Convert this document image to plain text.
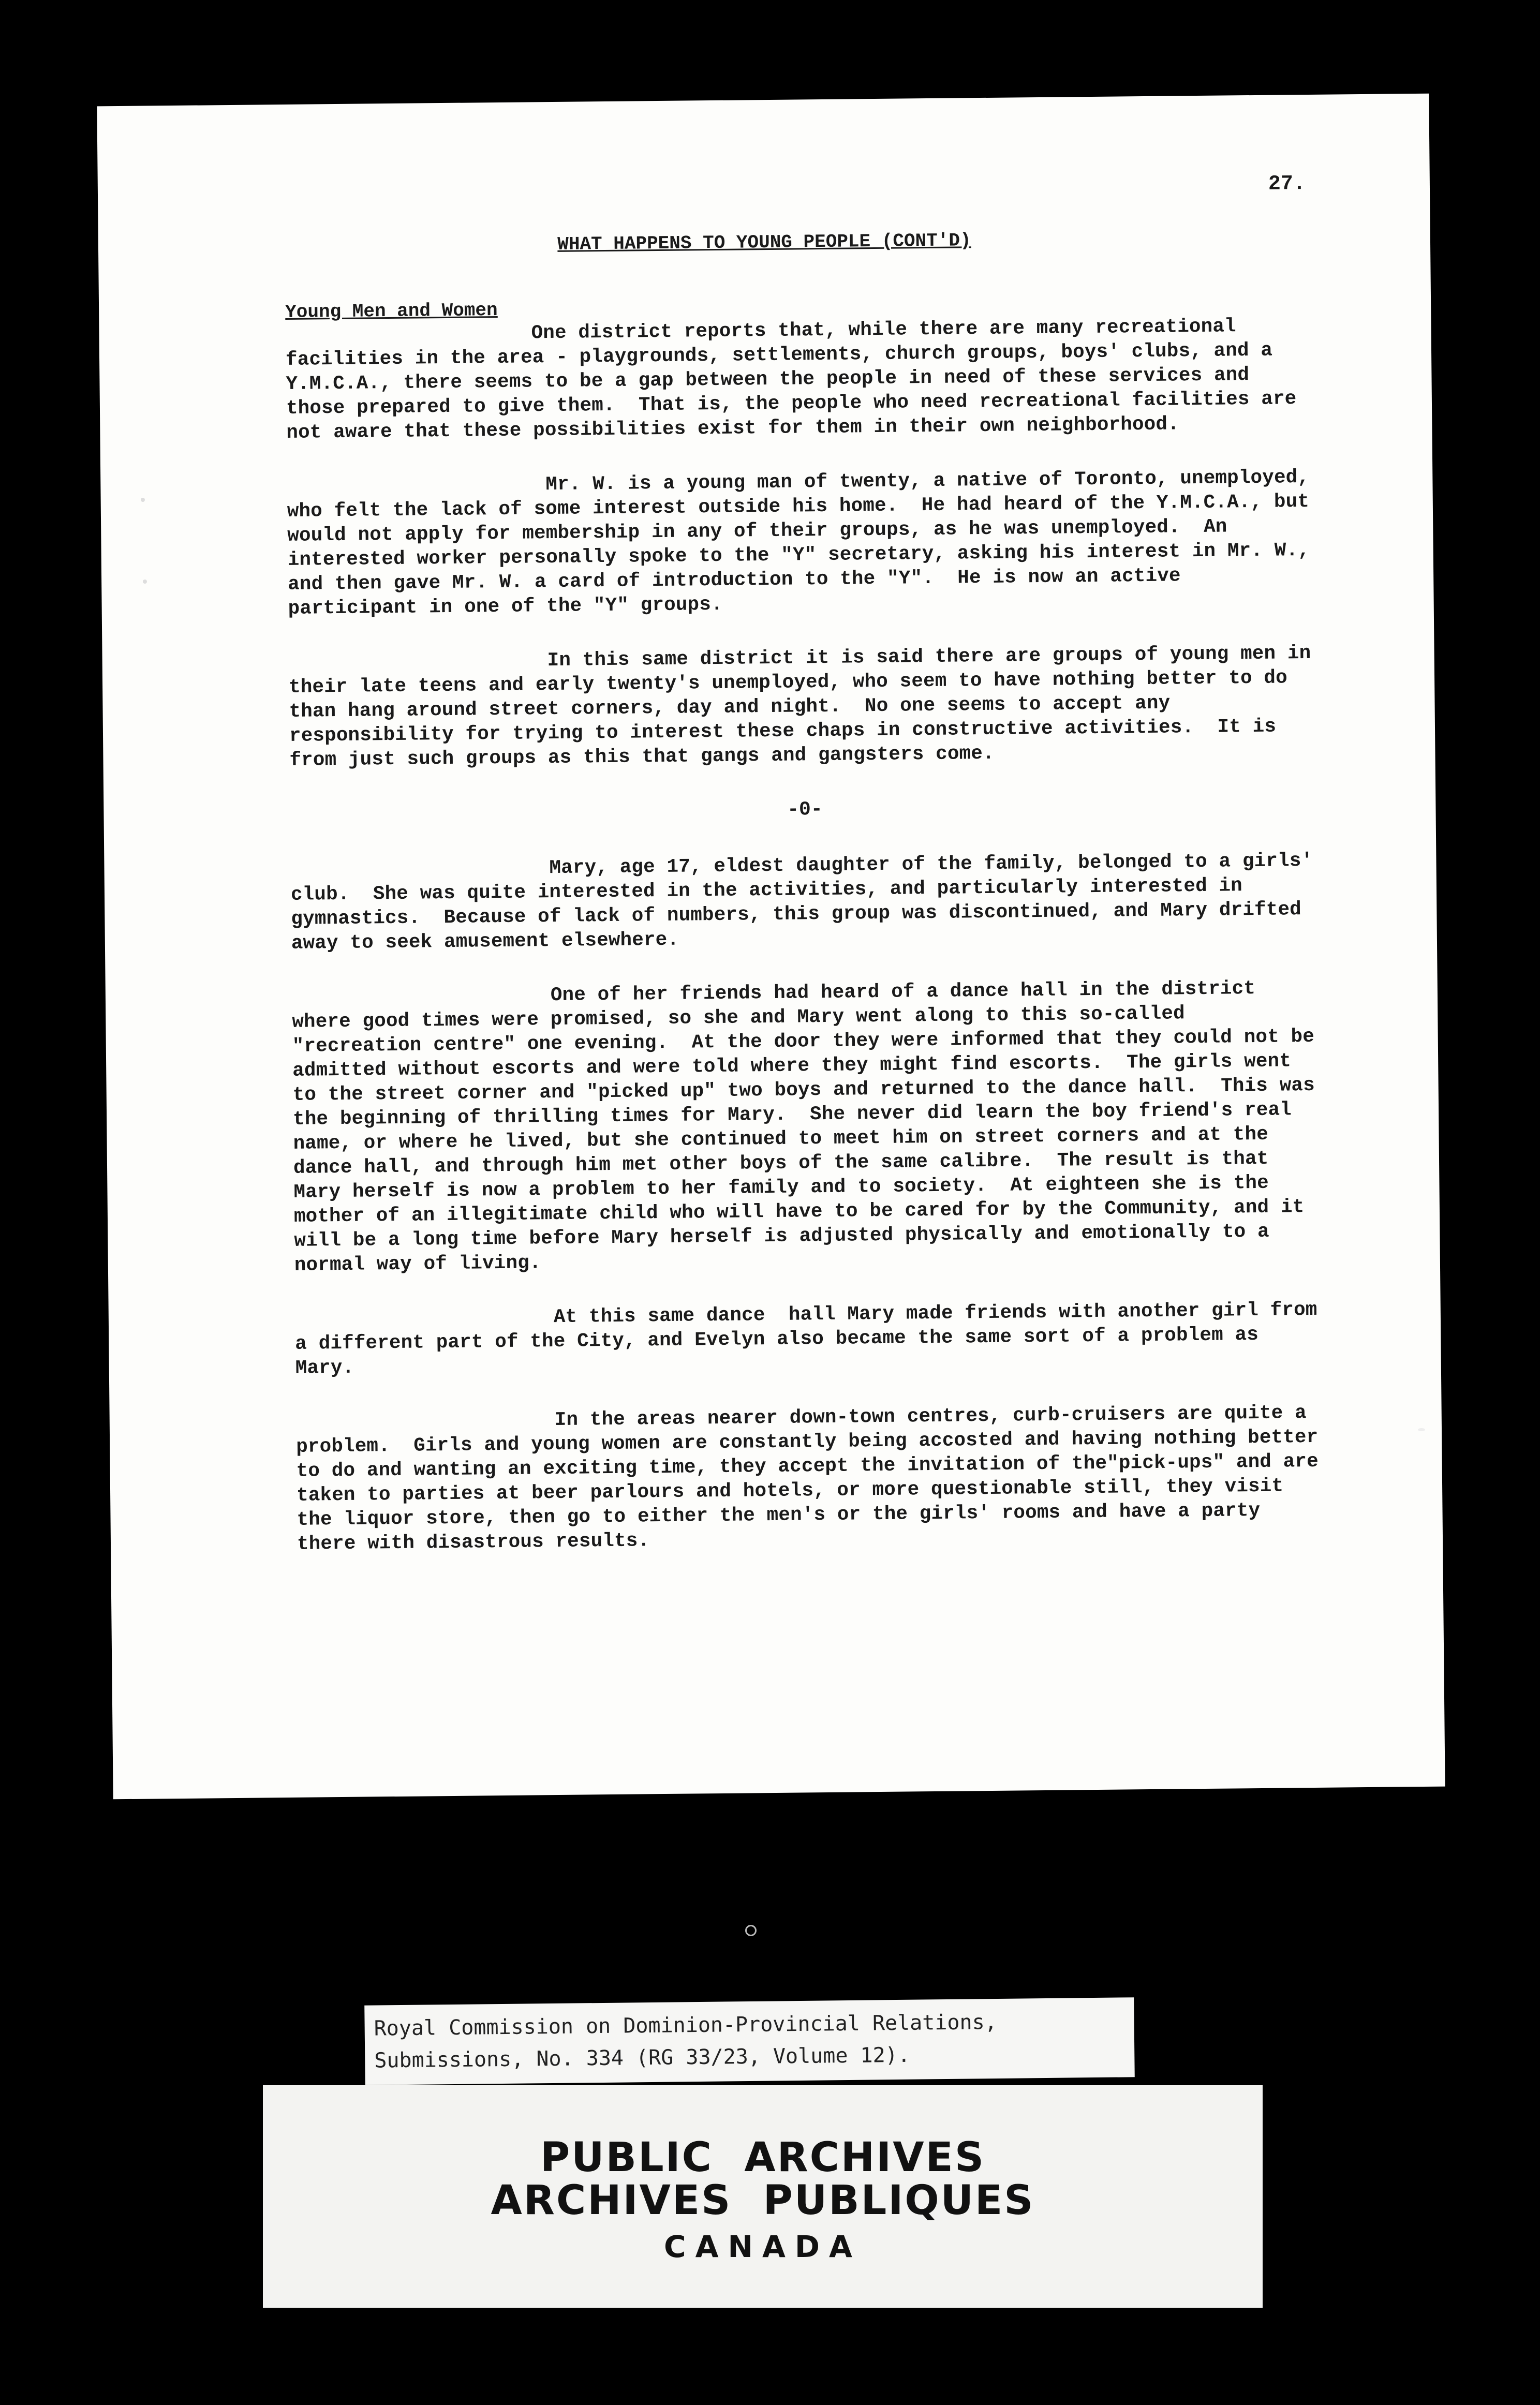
27.
WHAT HAPPENS TO YOUNG PEOPLE (CONT'D)

Young Men and Women

One district reports that, while there are many recreational facilities in the area - playgrounds, settlements, church groups, boys' clubs, and a Y.M.C.A., there seems to be a gap between the people in need of these services and those prepared to give them.  That is, the people who need recreational facilities are not aware that these possibilities exist for them in their own neighborhood.

Mr. W. is a young man of twenty, a native of Toronto, unemployed, who felt the lack of some interest outside his home.  He had heard of the Y.M.C.A., but would not apply for membership in any of their groups, as he was unemployed.  An interested worker personally spoke to the "Y" secretary, asking his interest in Mr. W., and then gave Mr. W. a card of introduction to the "Y".  He is now an active participant in one of the "Y" groups.

In this same district it is said there are groups of young men in their late teens and early twenty's unemployed, who seem to have nothing better to do than hang around street corners, day and night.  No one seems to accept any responsibility for trying to interest these chaps in constructive activities.  It is from just such groups as this that gangs and gangsters come.

-0-

Mary, age 17, eldest daughter of the family, belonged to a girls' club.  She was quite interested in the activities, and particularly interested in gymnastics.  Because of lack of numbers, this group was discontinued, and Mary drifted away to seek amusement elsewhere.

One of her friends had heard of a dance hall in the district where good times were promised, so she and Mary went along to this so-called "recreation centre" one evening.  At the door they were informed that they could not be admitted without escorts and were told where they might find escorts.  The girls went to the street corner and "picked up" two boys and returned to the dance hall.  This was the beginning of thrilling times for Mary.  She never did learn the boy friend's real name, or where he lived, but she continued to meet him on street corners and at the dance hall, and through him met other boys of the same calibre.  The result is that Mary herself is now a problem to her family and to society.  At eighteen she is the mother of an illegitimate child who will have to be cared for by the Community, and it will be a long time before Mary herself is adjusted physically and emotionally to a normal way of living.

At this same dance  hall Mary made friends with another girl from a different part of the City, and Evelyn also became the same sort of a problem as Mary.

In the areas nearer down-town centres, curb-cruisers are quite a problem.  Girls and young women are constantly being accosted and having nothing better to do and wanting an exciting time, they accept the invitation of the"pick-ups" and are taken to parties at beer parlours and hotels, or more questionable still, they visit the liquor store, then go to either the men's or the girls' rooms and have a party there with disastrous results.

Royal Commission on Dominion-Provincial Relations,
Submissions, No. 334 (RG 33/23, Volume 12).
PUBLIC  ARCHIVES
ARCHIVES  PUBLIQUES
CANADA
